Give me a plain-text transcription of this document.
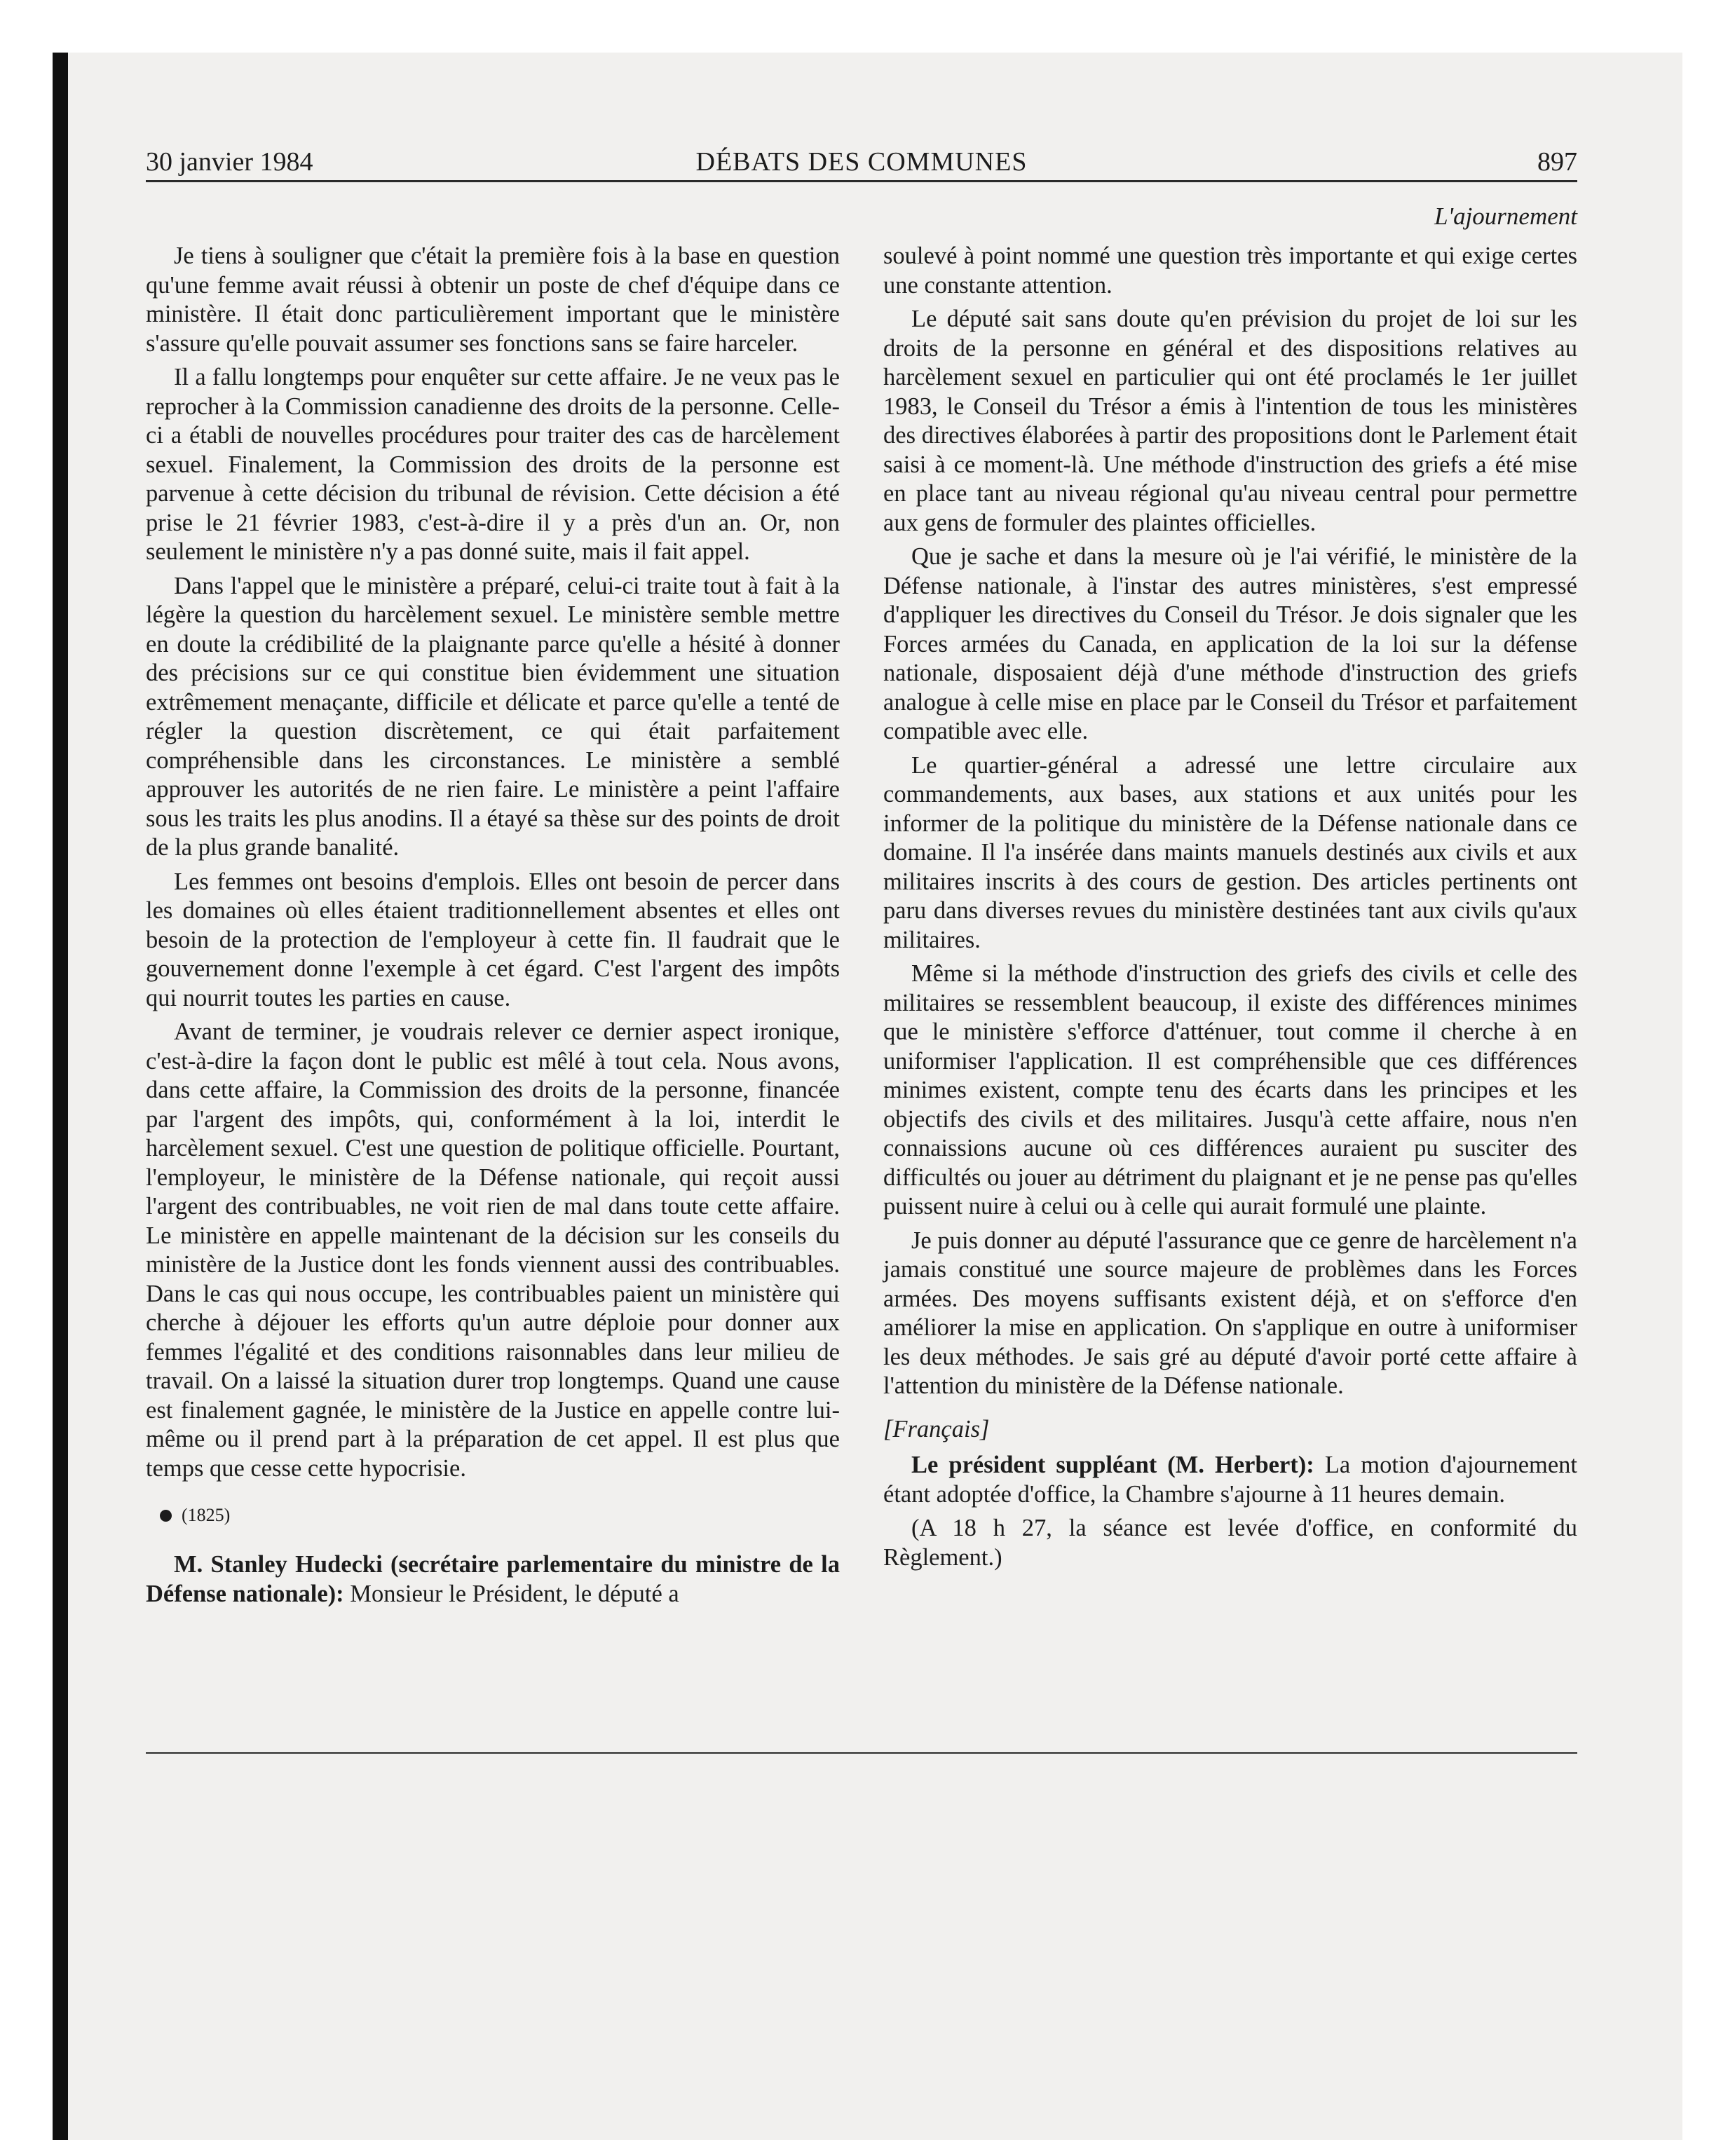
30 janvier 1984	DÉBATS DES COMMUNES	897
L'ajournement

Je tiens à souligner que c'était la première fois à la base en question qu'une femme avait réussi à obtenir un poste de chef d'équipe dans ce ministère. Il était donc particulièrement important que le ministère s'assure qu'elle pouvait assumer ses fonctions sans se faire harceler.

Il a fallu longtemps pour enquêter sur cette affaire. Je ne veux pas le reprocher à la Commission canadienne des droits de la personne. Celle-ci a établi de nouvelles procédures pour traiter des cas de harcèlement sexuel. Finalement, la Commission des droits de la personne est parvenue à cette décision du tribunal de révision. Cette décision a été prise le 21 février 1983, c'est-à-dire il y a près d'un an. Or, non seulement le ministère n'y a pas donné suite, mais il fait appel.

Dans l'appel que le ministère a préparé, celui-ci traite tout à fait à la légère la question du harcèlement sexuel. Le ministère semble mettre en doute la crédibilité de la plaignante parce qu'elle a hésité à donner des précisions sur ce qui constitue bien évidemment une situation extrêmement menaçante, difficile et délicate et parce qu'elle a tenté de régler la question discrètement, ce qui était parfaitement compréhensible dans les circonstances. Le ministère a semblé approuver les autorités de ne rien faire. Le ministère a peint l'affaire sous les traits les plus anodins. Il a étayé sa thèse sur des points de droit de la plus grande banalité.

Les femmes ont besoins d'emplois. Elles ont besoin de percer dans les domaines où elles étaient traditionnellement absentes et elles ont besoin de la protection de l'employeur à cette fin. Il faudrait que le gouvernement donne l'exemple à cet égard. C'est l'argent des impôts qui nourrit toutes les parties en cause.

Avant de terminer, je voudrais relever ce dernier aspect ironique, c'est-à-dire la façon dont le public est mêlé à tout cela. Nous avons, dans cette affaire, la Commission des droits de la personne, financée par l'argent des impôts, qui, conformément à la loi, interdit le harcèlement sexuel. C'est une question de politique officielle. Pourtant, l'employeur, le ministère de la Défense nationale, qui reçoit aussi l'argent des contribuables, ne voit rien de mal dans toute cette affaire. Le ministère en appelle maintenant de la décision sur les conseils du ministère de la Justice dont les fonds viennent aussi des contribuables. Dans le cas qui nous occupe, les contribuables paient un ministère qui cherche à déjouer les efforts qu'un autre déploie pour donner aux femmes l'égalité et des conditions raisonnables dans leur milieu de travail. On a laissé la situation durer trop longtemps. Quand une cause est finalement gagnée, le ministère de la Justice en appelle contre lui-même ou il prend part à la préparation de cet appel. Il est plus que temps que cesse cette hypocrisie.

(1825)

M. Stanley Hudecki (secrétaire parlementaire du ministre de la Défense nationale): Monsieur le Président, le député a

soulevé à point nommé une question très importante et qui exige certes une constante attention.

Le député sait sans doute qu'en prévision du projet de loi sur les droits de la personne en général et des dispositions relatives au harcèlement sexuel en particulier qui ont été proclamés le 1er juillet 1983, le Conseil du Trésor a émis à l'intention de tous les ministères des directives élaborées à partir des propositions dont le Parlement était saisi à ce moment-là. Une méthode d'instruction des griefs a été mise en place tant au niveau régional qu'au niveau central pour permettre aux gens de formuler des plaintes officielles.

Que je sache et dans la mesure où je l'ai vérifié, le ministère de la Défense nationale, à l'instar des autres ministères, s'est empressé d'appliquer les directives du Conseil du Trésor. Je dois signaler que les Forces armées du Canada, en application de la loi sur la défense nationale, disposaient déjà d'une méthode d'instruction des griefs analogue à celle mise en place par le Conseil du Trésor et parfaitement compatible avec elle.

Le quartier-général a adressé une lettre circulaire aux commandements, aux bases, aux stations et aux unités pour les informer de la politique du ministère de la Défense nationale dans ce domaine. Il l'a insérée dans maints manuels destinés aux civils et aux militaires inscrits à des cours de gestion. Des articles pertinents ont paru dans diverses revues du ministère destinées tant aux civils qu'aux militaires.

Même si la méthode d'instruction des griefs des civils et celle des militaires se ressemblent beaucoup, il existe des différences minimes que le ministère s'efforce d'atténuer, tout comme il cherche à en uniformiser l'application. Il est compréhensible que ces différences minimes existent, compte tenu des écarts dans les principes et les objectifs des civils et des militaires. Jusqu'à cette affaire, nous n'en connaissions aucune où ces différences auraient pu susciter des difficultés ou jouer au détriment du plaignant et je ne pense pas qu'elles puissent nuire à celui ou à celle qui aurait formulé une plainte.

Je puis donner au député l'assurance que ce genre de harcèlement n'a jamais constitué une source majeure de problèmes dans les Forces armées. Des moyens suffisants existent déjà, et on s'efforce d'en améliorer la mise en application. On s'applique en outre à uniformiser les deux méthodes. Je sais gré au député d'avoir porté cette affaire à l'attention du ministère de la Défense nationale.

[Français]

Le président suppléant (M. Herbert): La motion d'ajournement étant adoptée d'office, la Chambre s'ajourne à 11 heures demain.

(A 18 h 27, la séance est levée d'office, en conformité du Règlement.)
